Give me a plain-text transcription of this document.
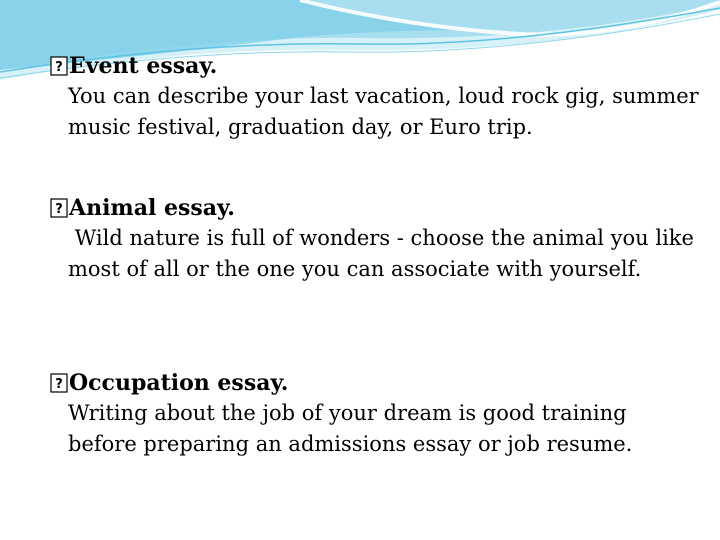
? Event essay.
You can describe your last vacation, loud rock gig, summer music festival, graduation day, or Euro trip.
? Animal essay.
Wild nature is full of wonders - choose the animal you like most of all or the one you can associate with yourself.
? Occupation essay.
Writing about the job of your dream is good training before preparing an admissions essay or job resume.
